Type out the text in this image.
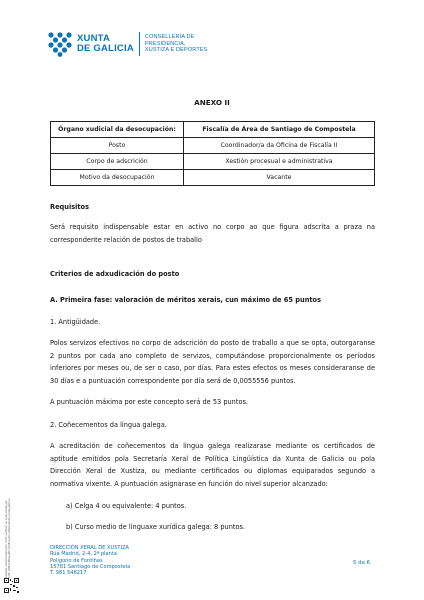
XUNTA
DE GALICIA
CONSELLERÍA DE
PRESIDENCIA,
XUSTIZA E DEPORTES
ANEXO II
Órgano xudicial da desocupación:	Fiscalía de Área de Santiago de Compostela
Posto	Coordinador/a da Oficina de Fiscalía II
Corpo de adscrición	Xestión procesual e administrativa
Motivo da desocupación	Vacante
Requisitos
Será requisito indispensable estar en activo no corpo ao que figura adscrita a praza na correspondente relación de postos de traballo
Criterios de adxudicación do posto
A. Primeira fase: valoración de méritos xerais, cun máximo de 65 puntos
1. Antigüidade.
Polos servizos efectivos no corpo de adscrición do posto de traballo a que se opta, outorgaranse 2 puntos por cada ano completo de servizos, computándose proporcionalmente os períodos inferiores por meses ou, de ser o caso, por días. Para estes efectos os meses consideraranse de 30 días e a puntuación correspondente por día será de 0,0055556 puntos.
A puntuación máxima por este concepto será de 53 puntos.
2. Coñecementos da lingua galega.
A acreditación de coñecementos da lingua galega realizarase mediante os certificados de aptitude emitidos pola Secretaría Xeral de Política Lingüística da Xunta de Galicia ou pola Dirección Xeral de Xustiza, ou mediante certificados ou diplomas equiparados segundo a normativa vixente. A puntuación asignarase en función do nivel superior alcanzado:
a) Celga 4 ou equivalente: 4 puntos.
b) Curso medio de linguaxe xurídica galega: 8 puntos.
Asinado electronicamente. CVE: verificar en sede.xunta.gal CVE: gNZuT3BnuyW0 Verificación: https://sede.xunta.gal/cve	DIRECCIÓN XERAL DE XUSTIZA
Rúa Madrid, 2-4, 2ª planta
Polígono de Fontiñas
15781 Santiago de Compostela
T. 981 546217
5 de 6
